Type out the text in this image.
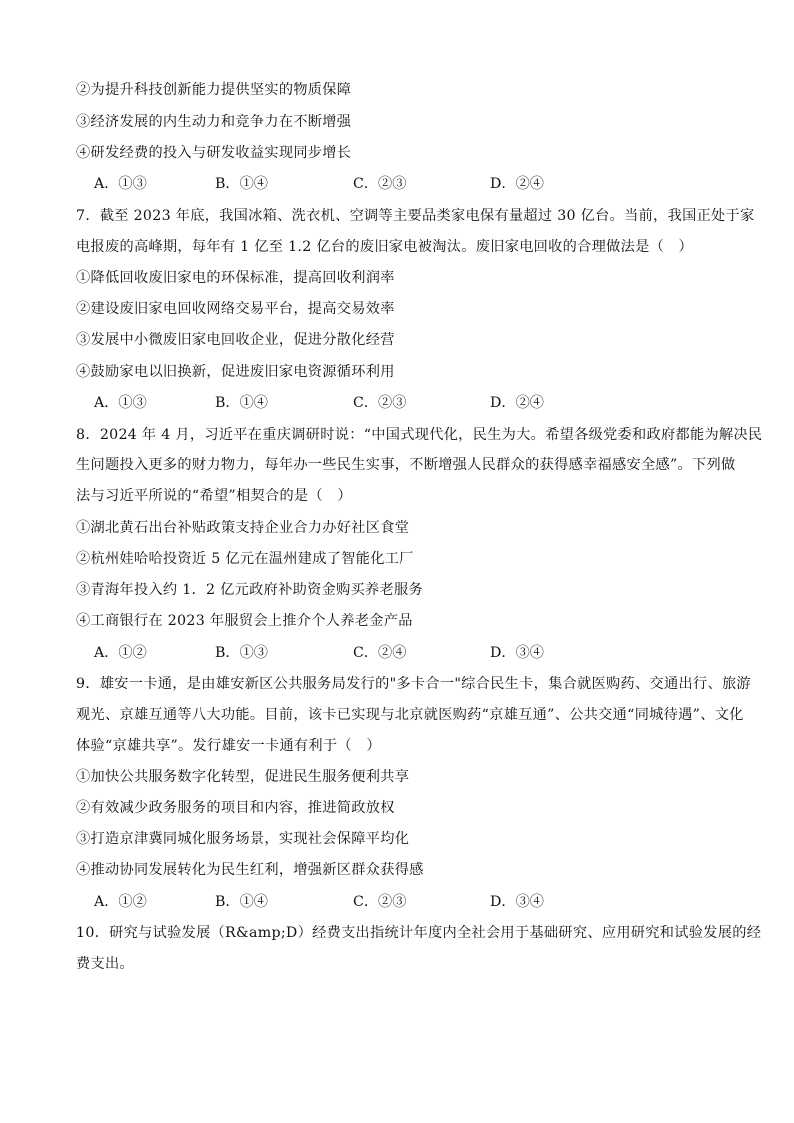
②为提升科技创新能力提供坚实的物质保障
③经济发展的内生动力和竞争力在不断增强
④研发经费的投入与研发收益实现同步增长
A．①③	B．①④	C．②③	D．②④
7．截至 2023 年底，我国冰箱、洗衣机、空调等主要品类家电保有量超过 30 亿台。当前，我国正处于家
电报废的高峰期，每年有 1 亿至 1.2 亿台的废旧家电被淘汰。废旧家电回收的合理做法是（　）
①降低回收废旧家电的环保标准，提高回收利润率
②建设废旧家电回收网络交易平台，提高交易效率
③发展中小微废旧家电回收企业，促进分散化经营
④鼓励家电以旧换新，促进废旧家电资源循环利用
A．①③	B．①④	C．②③	D．②④
8．2024 年 4 月，习近平在重庆调研时说：“中国式现代化，民生为大。希望各级党委和政府都能为解决民
生问题投入更多的财力物力，每年办一些民生实事，不断增强人民群众的获得感幸福感安全感”。下列做
法与习近平所说的“希望”相契合的是（　）
①湖北黄石出台补贴政策支持企业合力办好社区食堂
②杭州娃哈哈投资近 5 亿元在温州建成了智能化工厂
③青海年投入约 1．2 亿元政府补助资金购买养老服务
④工商银行在 2023 年服贸会上推介个人养老金产品
A．①②	B．①③	C．②④	D．③④
9．雄安一卡通，是由雄安新区公共服务局发行的"多卡合一"综合民生卡，集合就医购药、交通出行、旅游
观光、京雄互通等八大功能。目前，该卡已实现与北京就医购药“京雄互通”、公共交通“同城待遇”、文化
体验“京雄共享”。发行雄安一卡通有利于（　）
①加快公共服务数字化转型，促进民生服务便利共享
②有效减少政务服务的项目和内容，推进简政放权
③打造京津冀同城化服务场景，实现社会保障平均化
④推动协同发展转化为民生红利，增强新区群众获得感
A．①②	B．①④	C．②③	D．③④
10．研究与试验发展（R&amp;D）经费支出指统计年度内全社会用于基础研究、应用研究和试验发展的经
费支出。
